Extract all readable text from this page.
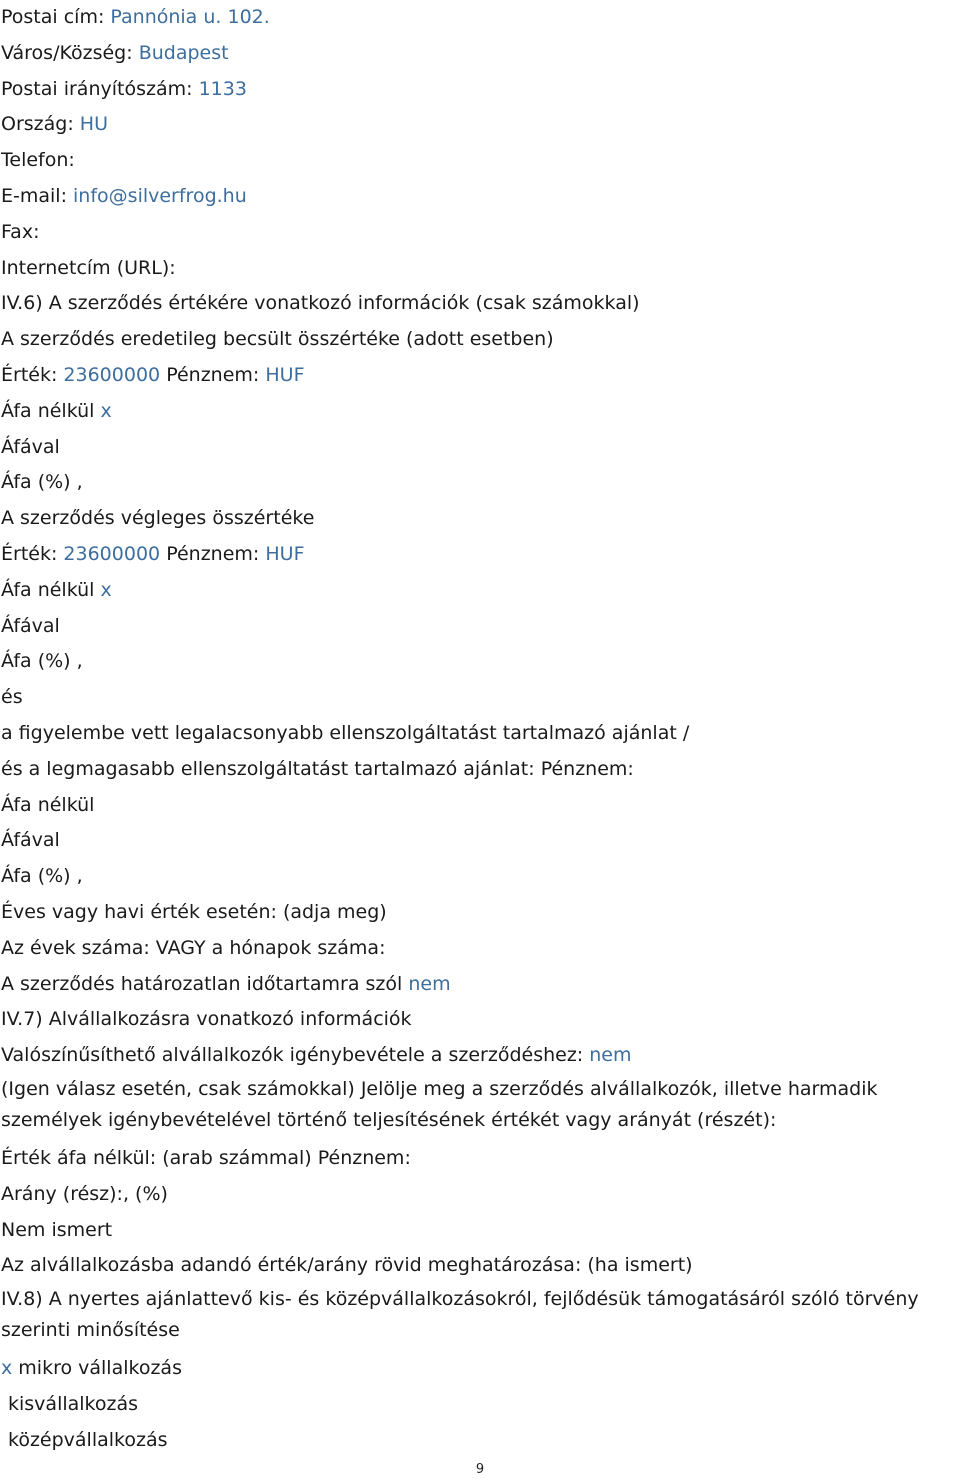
Postai cím: Pannónia u. 102.
Város/Község: Budapest
Postai irányítószám: 1133
Ország: HU
Telefon:
E-mail: info@silverfrog.hu
Fax:
Internetcím (URL):
IV.6) A szerződés értékére vonatkozó információk (csak számokkal)
A szerződés eredetileg becsült összértéke (adott esetben)
Érték: 23600000 Pénznem: HUF
Áfa nélkül x
Áfával
Áfa (%) ,
A szerződés végleges összértéke
Érték: 23600000 Pénznem: HUF
Áfa nélkül x
Áfával
Áfa (%) ,
és
a figyelembe vett legalacsonyabb ellenszolgáltatást tartalmazó ajánlat /
és a legmagasabb ellenszolgáltatást tartalmazó ajánlat: Pénznem:
Áfa nélkül
Áfával
Áfa (%) ,
Éves vagy havi érték esetén: (adja meg)
Az évek száma: VAGY a hónapok száma:
A szerződés határozatlan időtartamra szól nem
IV.7) Alvállalkozásra vonatkozó információk
Valószínűsíthető alvállalkozók igénybevétele a szerződéshez: nem
(Igen válasz esetén, csak számokkal) Jelölje meg a szerződés alvállalkozók, illetve harmadik
személyek igénybevételével történő teljesítésének értékét vagy arányát (részét):
Érték áfa nélkül: (arab számmal) Pénznem:
Arány (rész):, (%)
Nem ismert
Az alvállalkozásba adandó érték/arány rövid meghatározása: (ha ismert)
IV.8) A nyertes ajánlattevő kis- és középvállalkozásokról, fejlődésük támogatásáról szóló törvény
szerinti minősítése
x mikro vállalkozás
kisvállalkozás
középvállalkozás
9
